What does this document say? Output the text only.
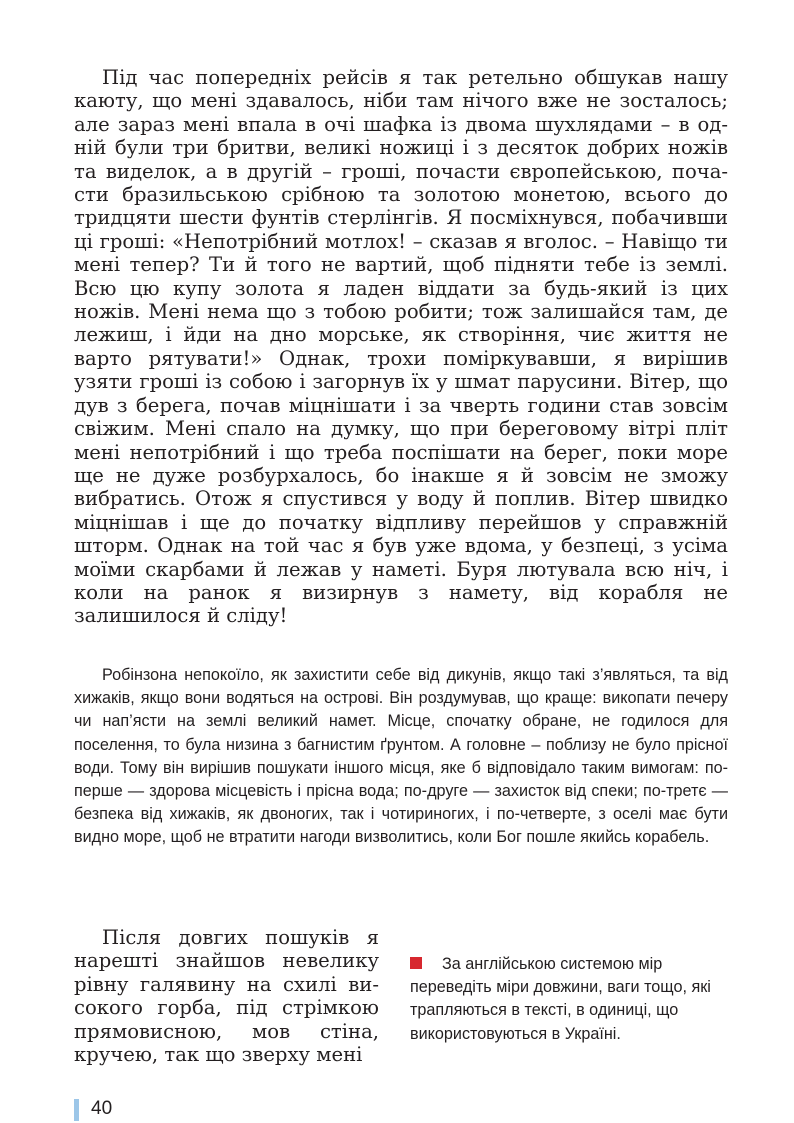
Під час попередніх рейсів я так ретельно обшукав нашу каюту, що мені здавалось, ніби там нічого вже не зосталось; але зараз мені впала в очі шафка із двома шухлядами – в одній були три бритви, великі ножиці і з десяток добрих ножів та виделок, а в другій – гроші, почасти європейською, почасти бразильською срібною та золотою монетою, всього до тридцяти шести фунтів стерлінгів. Я посміхнувся, побачивши ці гроші: «Непотрібний мотлох! – сказав я вголос. – Навіщо ти мені тепер? Ти й того не вартий, щоб підняти тебе із землі. Всю цю купу золота я ладен віддати за будь-який із цих ножів. Мені нема що з тобою робити; тож залишайся там, де лежиш, і йди на дно морське, як створіння, чиє життя не варто рятувати!» Однак, трохи поміркувавши, я вирішив узяти гроші із собою і загорнув їх у шмат парусини. Вітер, що дув з берега, почав міцнішати і за чверть години став зовсім свіжим. Мені спало на думку, що при береговому вітрі пліт мені непотрібний і що треба поспішати на берег, поки море ще не дуже розбурхалось, бо інакше я й зовсім не зможу вибратись. Отож я спустився у воду й поплив. Вітер швидко міцнішав і ще до початку відпливу перейшов у справжній шторм. Однак на той час я був уже вдома, у безпеці, з усіма моїми скарбами й лежав у наметі. Буря лютувала всю ніч, і коли на ранок я визирнув з намету, від корабля не залишилося й сліду!

Робінзона непокоїло, як захистити себе від дикунів, якщо такі з’являться, та від хижаків, якщо вони водяться на острові. Він роздумував, що краще: викопати печеру чи нап’ясти на землі великий намет. Місце, спочатку обране, не годилося для поселення, то була низина з багнистим ґрунтом. А головне – поблизу не було прісної води. Тому він вирішив пошукати іншого місця, яке б відповідало таким вимогам: по-перше — здорова місцевість і прісна вода; по-друге — захисток від спеки; по-третє — безпека від хижаків, як двоногих, так і чотириногих, і по-четверте, з оселі має бути видно море, щоб не втратити нагоди визволитись, коли Бог пошле якийсь корабель.

Після довгих пошуків я нарешті знайшов невелику рівну галявину на схилі високого горба, під стрімкою прямовисною, мов стіна, кручею, так що зверху мені

За англійською системою мір переведіть міри довжини, ваги тощо, які трапляються в тексті, в одиниці, що використовуються в Україні.
40
